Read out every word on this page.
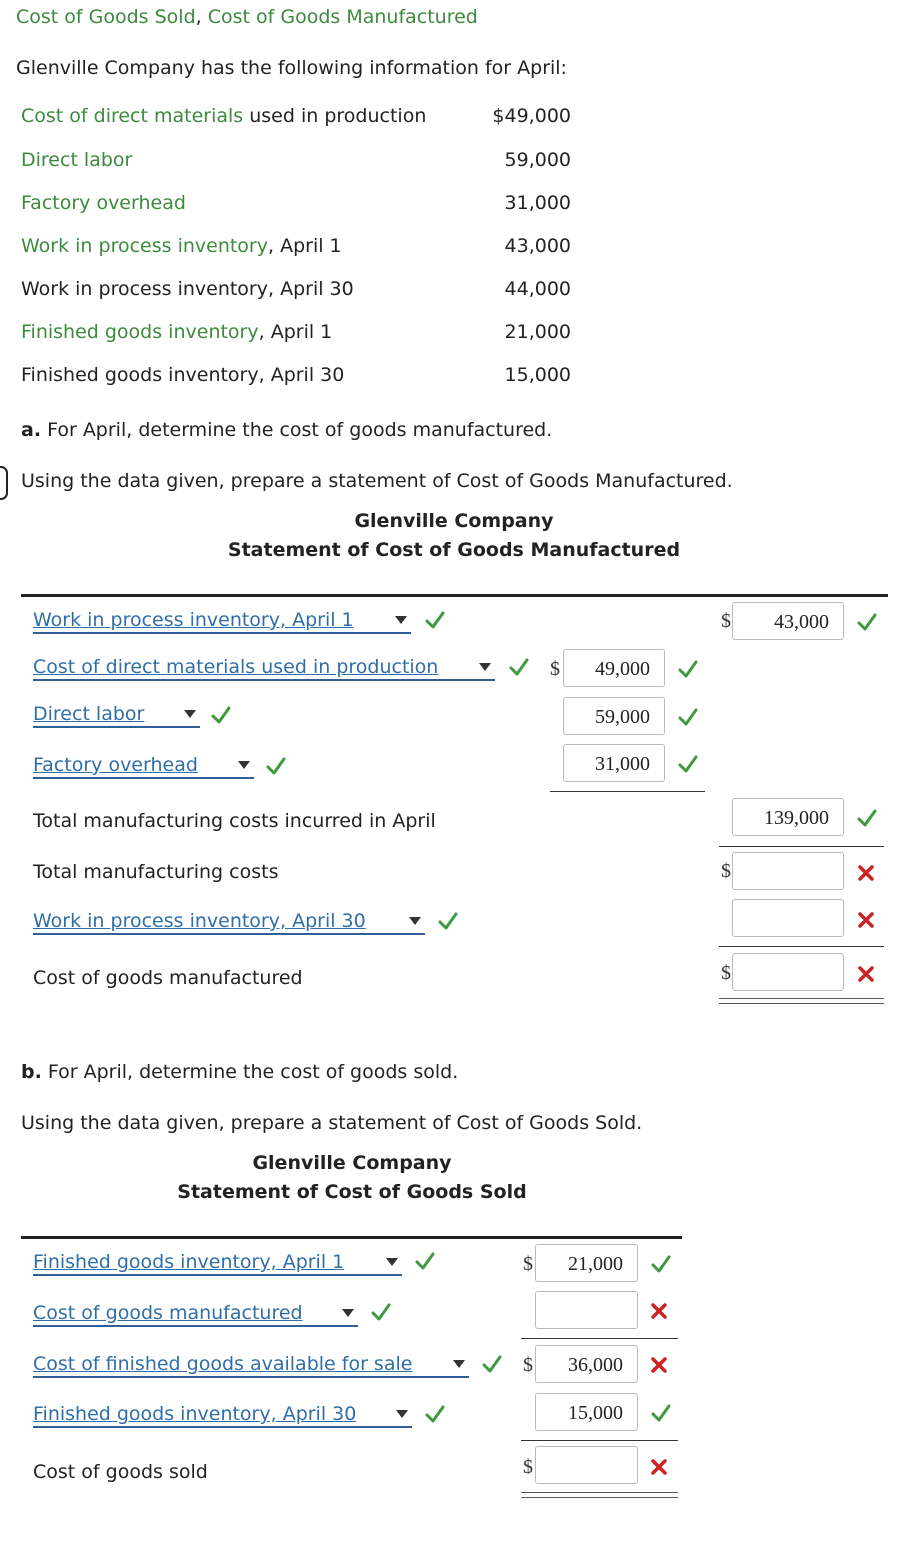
Cost of Goods Sold, Cost of Goods Manufactured
Glenville Company has the following information for April:
Cost of direct materials used in production	$49,000
Direct labor	59,000
Factory overhead	31,000
Work in process inventory, April 1	43,000
Work in process inventory, April 30	44,000
Finished goods inventory, April 1	21,000
Finished goods inventory, April 30	15,000
a. For April, determine the cost of goods manufactured.
Using the data given, prepare a statement of Cost of Goods Manufactured.
Glenville Company
Statement of Cost of Goods Manufactured
Work in process inventory, April 1	$	43,000
Cost of direct materials used in production	$	49,000
Direct labor	59,000
Factory overhead	31,000
Total manufacturing costs incurred in April	139,000
Total manufacturing costs	$
Work in process inventory, April 30
Cost of goods manufactured	$
b. For April, determine the cost of goods sold.
Using the data given, prepare a statement of Cost of Goods Sold.
Glenville Company
Statement of Cost of Goods Sold
Finished goods inventory, April 1	$	21,000
Cost of goods manufactured
Cost of finished goods available for sale	$	36,000
Finished goods inventory, April 30	15,000
Cost of goods sold	$
